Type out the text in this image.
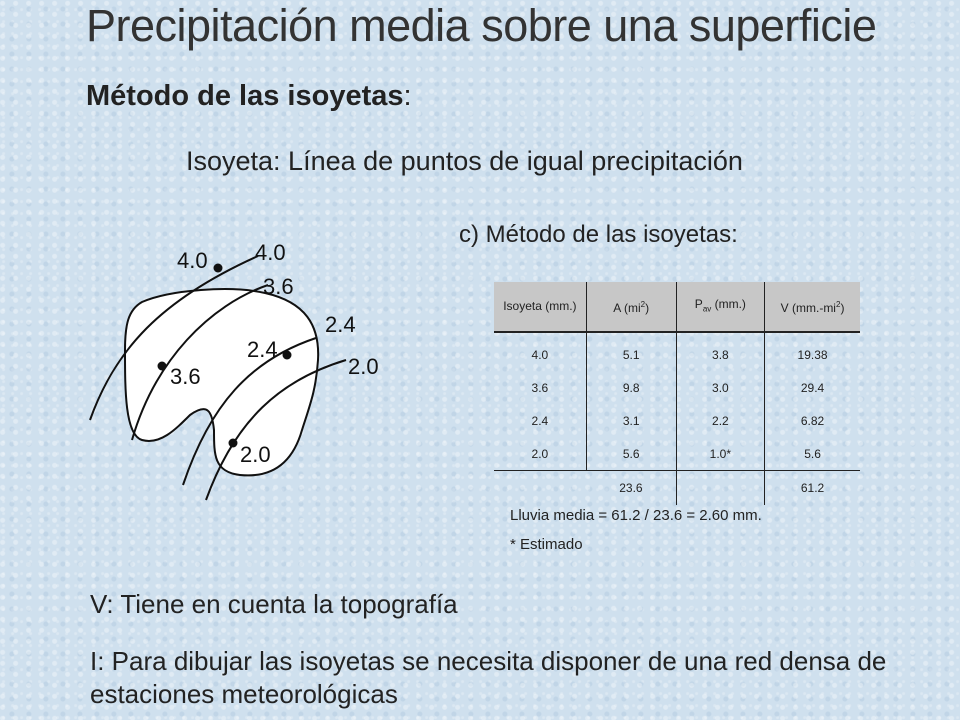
Precipitación media sobre una superficie
Método de las isoyetas:
Isoyeta: Línea de puntos de igual precipitación
c) Método de las isoyetas:
4.0 4.0
3.6
2.4
2.4
2.0
3.6
2.0
Isoyeta (mm.)	A $(mi^2)$	$P_{av}$ (mm.)	V $(mm.-mi^2)$
4.0	5.1	3.8	19.38
3.6	9.8	3.0	29.4
2.4	3.1	2.2	6.82
2.0	5.6	1.0*	5.6
	23.6		61.2
Lluvia media = 61.2 / 23.6 = 2.60 mm.
* Estimado
V: Tiene en cuenta la topografía
I: Para dibujar las isoyetas se necesita disponer de una red densa de estaciones meteorológicas
